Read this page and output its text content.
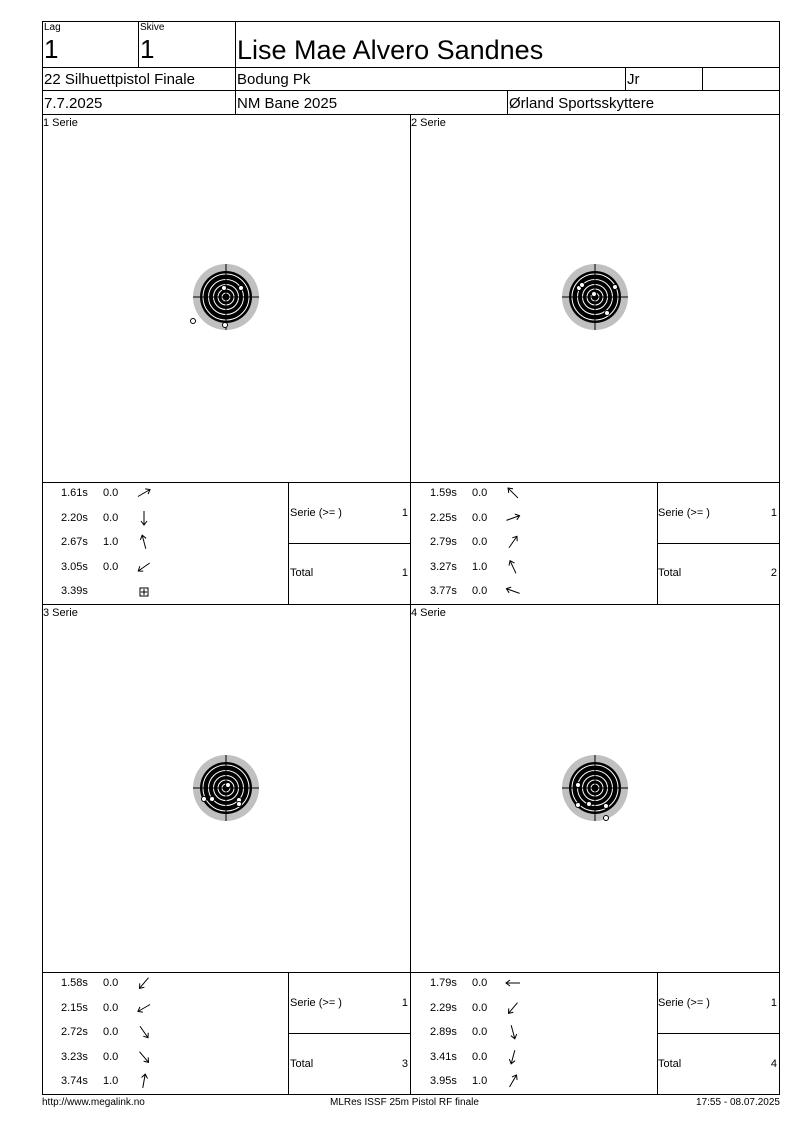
Lag
1
Skive
1	Lise Mae Alvero Sandnes
22 Silhuettpistol Finale	Bodung Pk	Jr
7.7.2025	NM Bane 2025	Ørland Sportsskyttere
1 Serie
1.61s 0.0
2.20s 0.0
2.67s 1.0
3.05s 0.0
3.39s
Serie (>= )	1
Total	1
2 Serie
1.59s 0.0
2.25s 0.0
2.79s 0.0
3.27s 1.0
3.77s 0.0
Serie (>= )	1
Total	2
3 Serie
1.58s 0.0
2.15s 0.0
2.72s 0.0
3.23s 0.0
3.74s 1.0
Serie (>= )	1
Total	3
4 Serie
1.79s 0.0
2.29s 0.0
2.89s 0.0
3.41s 0.0
3.95s 1.0
Serie (>= )	1
Total	4
http://www.megalink.no	MLRes ISSF 25m Pistol RF finale	17:55 - 08.07.2025
